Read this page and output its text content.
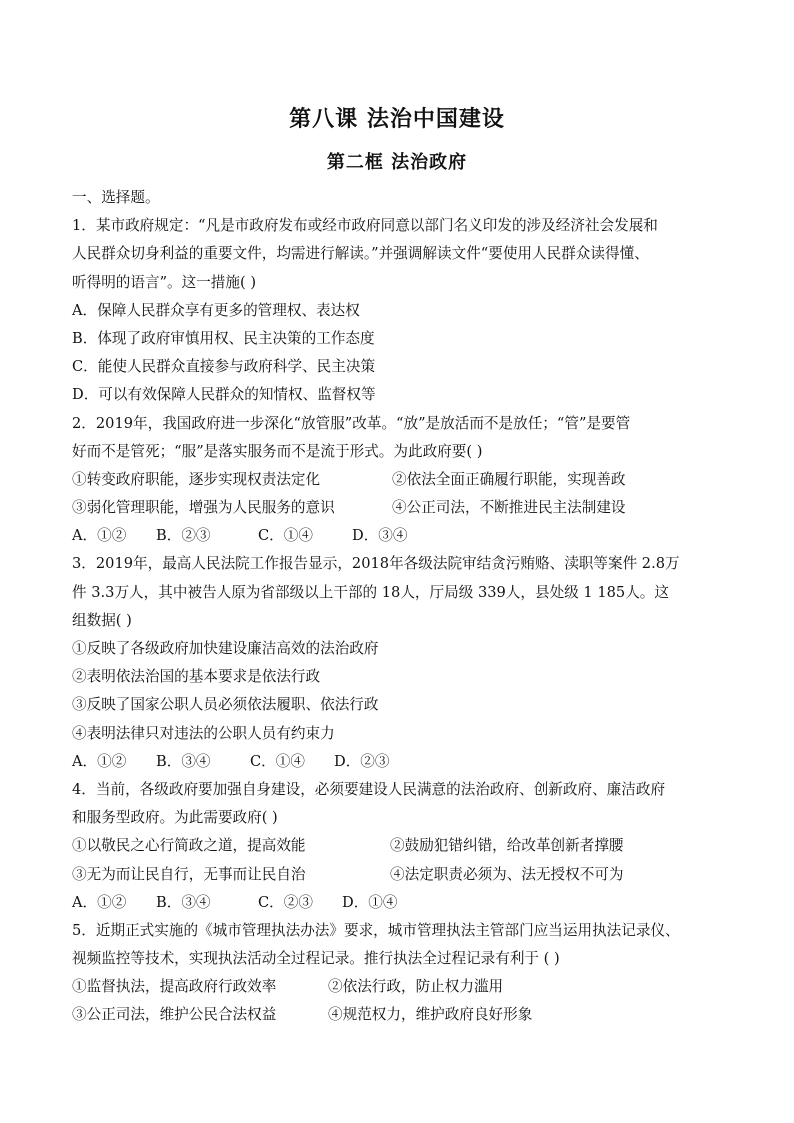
第八课 法治中国建设
第二框 法治政府
一、选择题。
1．某市政府规定：“凡是市政府发布或经市政府同意以部门名义印发的涉及经济社会发展和
人民群众切身利益的重要文件，均需进行解读。”并强调解读文件“要使用人民群众读得懂、
听得明的语言”。这一措施( )
A．保障人民群众享有更多的管理权、表达权
B．体现了政府审慎用权、民主决策的工作态度
C．能使人民群众直接参与政府科学、民主决策
D．可以有效保障人民群众的知情权、监督权等
2．2019年，我国政府进一步深化“放管服”改革。“放”是放活而不是放任；“管”是要管
好而不是管死；“服”是落实服务而不是流于形式。为此政府要( )
①转变政府职能，逐步实现权责法定化	②依法全面正确履行职能，实现善政
③弱化管理职能，增强为人民服务的意识	④公正司法，不断推进民主法制建设
A．①②	B．②③	C．①④	D．③④
3．2019年，最高人民法院工作报告显示，2018年各级法院审结贪污贿赂、渎职等案件 2.8万
件 3.3万人，其中被告人原为省部级以上干部的 18人，厅局级 339人，县处级 1 185人。这
组数据( )
①反映了各级政府加快建设廉洁高效的法治政府
②表明依法治国的基本要求是依法行政
③反映了国家公职人员必须依法履职、依法行政
④表明法律只对违法的公职人员有约束力
A．①②	B．③④	C．①④	D．②③
4．当前，各级政府要加强自身建设，必须要建设人民满意的法治政府、创新政府、廉洁政府
和服务型政府。为此需要政府( )
①以敬民之心行简政之道，提高效能	②鼓励犯错纠错，给改革创新者撑腰
③无为而让民自行，无事而让民自治	④法定职责必须为、法无授权不可为
A．①②	B．③④	C．②③	D．①④
5．近期正式实施的《城市管理执法办法》要求，城市管理执法主管部门应当运用执法记录仪、
视频监控等技术，实现执法活动全过程记录。推行执法全过程记录有利于 ( )
①监督执法，提高政府行政效率	②依法行政，防止权力滥用
③公正司法，维护公民合法权益	④规范权力，维护政府良好形象
